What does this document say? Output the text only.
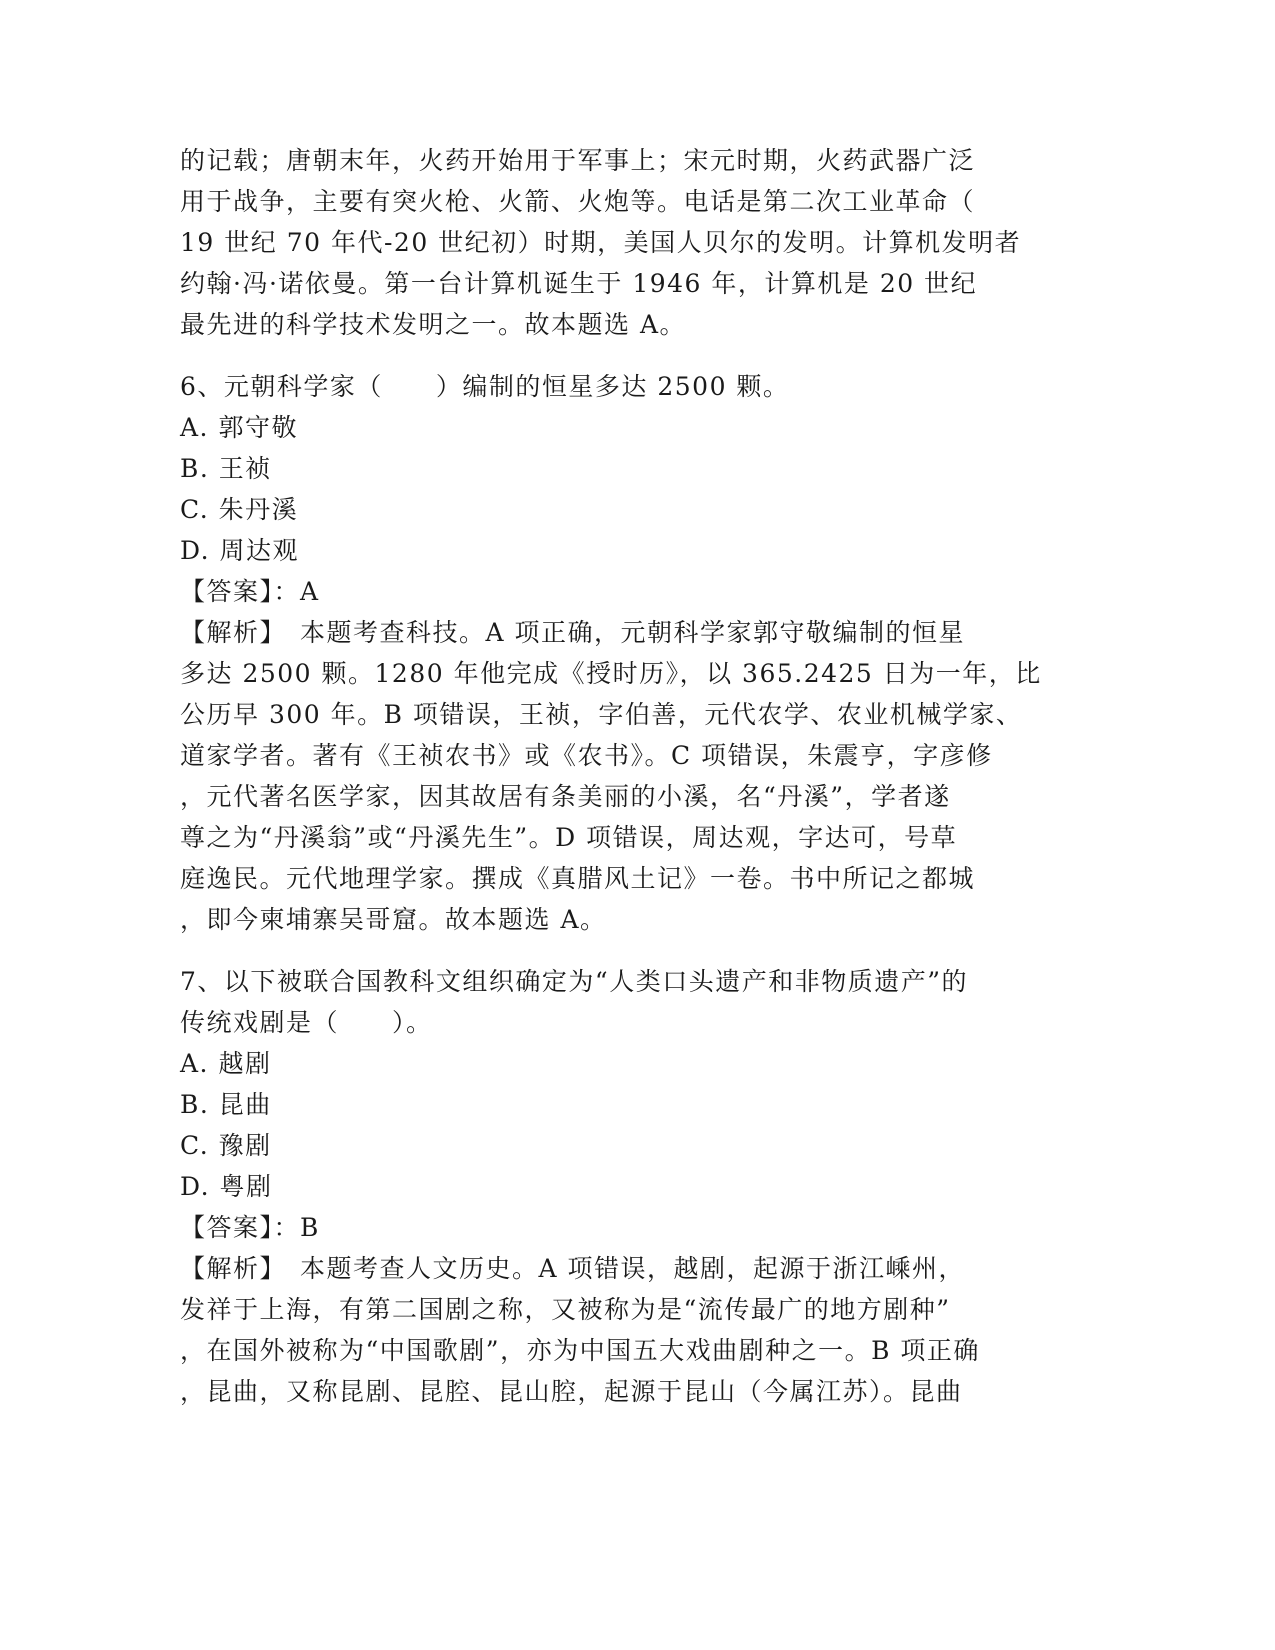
的记载；唐朝末年，火药开始用于军事上；宋元时期，火药武器广泛

用于战争，主要有突火枪、火箭、火炮等。电话是第二次工业革命（

19 世纪 70 年代-20 世纪初）时期，美国人贝尔的发明。计算机发明者

约翰·冯·诺依曼。第一台计算机诞生于 1946 年，计算机是 20 世纪

最先进的科学技术发明之一。故本题选 A。

6、元朝科学家（　　）编制的恒星多达 2500 颗。

A. 郭守敬

B. 王祯

C. 朱丹溪

D. 周达观

【答案】：A

【解析】　本题考查科技。A 项正确，元朝科学家郭守敬编制的恒星

多达 2500 颗。1280 年他完成《授时历》，以 365.2425 日为一年，比

公历早 300 年。B 项错误，王祯，字伯善，元代农学、农业机械学家、

道家学者。著有《王祯农书》或《农书》。C 项错误，朱震亨，字彦修

，元代著名医学家，因其故居有条美丽的小溪，名“丹溪”，学者遂

尊之为“丹溪翁”或“丹溪先生”。D 项错误，周达观，字达可，号草

庭逸民。元代地理学家。撰成《真腊风土记》一卷。书中所记之都城

，即今柬埔寨吴哥窟。故本题选 A。

7、以下被联合国教科文组织确定为“人类口头遗产和非物质遗产”的

传统戏剧是（　　）。

A. 越剧

B. 昆曲

C. 豫剧

D. 粤剧

【答案】：B

【解析】　本题考查人文历史。A 项错误，越剧，起源于浙江嵊州，

发祥于上海，有第二国剧之称，又被称为是“流传最广的地方剧种”

，在国外被称为“中国歌剧”，亦为中国五大戏曲剧种之一。B 项正确

，昆曲，又称昆剧、昆腔、昆山腔，起源于昆山（今属江苏）。昆曲
